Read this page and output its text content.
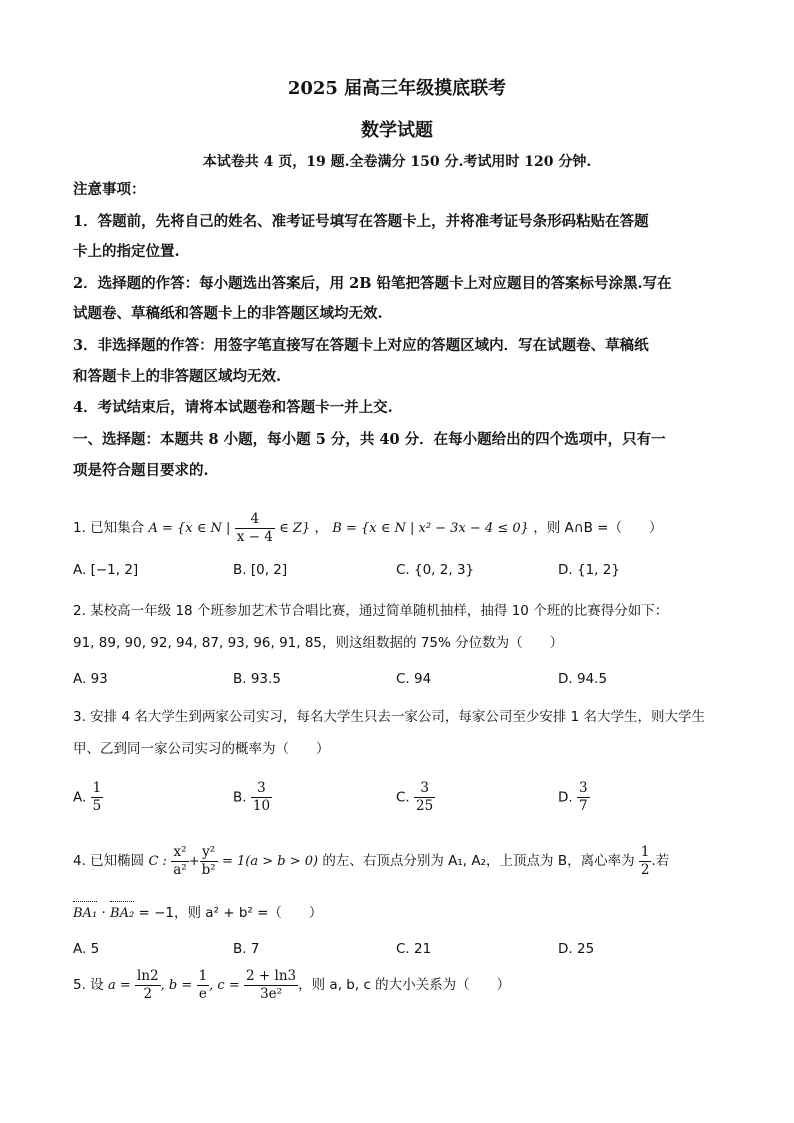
2025 届高三年级摸底联考
数学试题
本试卷共 4 页，19 题.全卷满分 150 分.考试用时 120 分钟.
注意事项：
1．答题前，先将自己的姓名、准考证号填写在答题卡上，并将准考证号条形码粘贴在答题
卡上的指定位置.
2．选择题的作答：每小题选出答案后，用 2B 铅笔把答题卡上对应题目的答案标号涂黑.写在
试题卷、草稿纸和答题卡上的非答题区域均无效.
3．非选择题的作答：用签字笔直接写在答题卡上对应的答题区域内．写在试题卷、草稿纸
和答题卡上的非答题区域均无效.
4．考试结束后，请将本试题卷和答题卡一并上交.
一、选择题：本题共 8 小题，每小题 5 分，共 40 分．在每小题给出的四个选项中，只有一
项是符合题目要求的.
1. 已知集合 A = {x ∈ N | $\frac{4}{x - 4}$ ∈ Z} ， B = {x ∈ N | x² − 3x − 4 ≤ 0} ，则 A∩B =（　　）
A. [−1, 2]	B. [0, 2]	C. {0, 2, 3}	D. {1, 2}
2. 某校高一年级 18 个班参加艺术节合唱比赛，通过简单随机抽样，抽得 10 个班的比赛得分如下：
91, 89, 90, 92, 94, 87, 93, 96, 91, 85，则这组数据的 75% 分位数为（　　）
A. 93	B. 93.5	C. 94	D. 94.5
3. 安排 4 名大学生到两家公司实习，每名大学生只去一家公司，每家公司至少安排 1 名大学生，则大学生
甲、乙到同一家公司实习的概率为（　　）
A. $\frac{1}{5}$	B. $\frac{3}{10}$	C. $\frac{3}{25}$	D. $\frac{3}{7}$
4. 已知椭圆 C : $\frac{\text{x²}}{\text{a²}} + \frac{\text{y²}}{\text{b²}} = 1(a > b > 0)$ 的左、右顶点分别为 A₁, A₂，上顶点为 B，离心率为 $\frac{1}{2}$ .若
BA₁ · BA₂ = −1，则 a² + b² =（　　）
A. 5	B. 7	C. 21	D. 25
5. 设 $a = \frac{\ln 2}{2}$ , $b = \frac{1}{e}$ , $c = \frac{2 + \ln 3}{\text{3e²}}$ ，则 a, b, c 的大小关系为（　　）
